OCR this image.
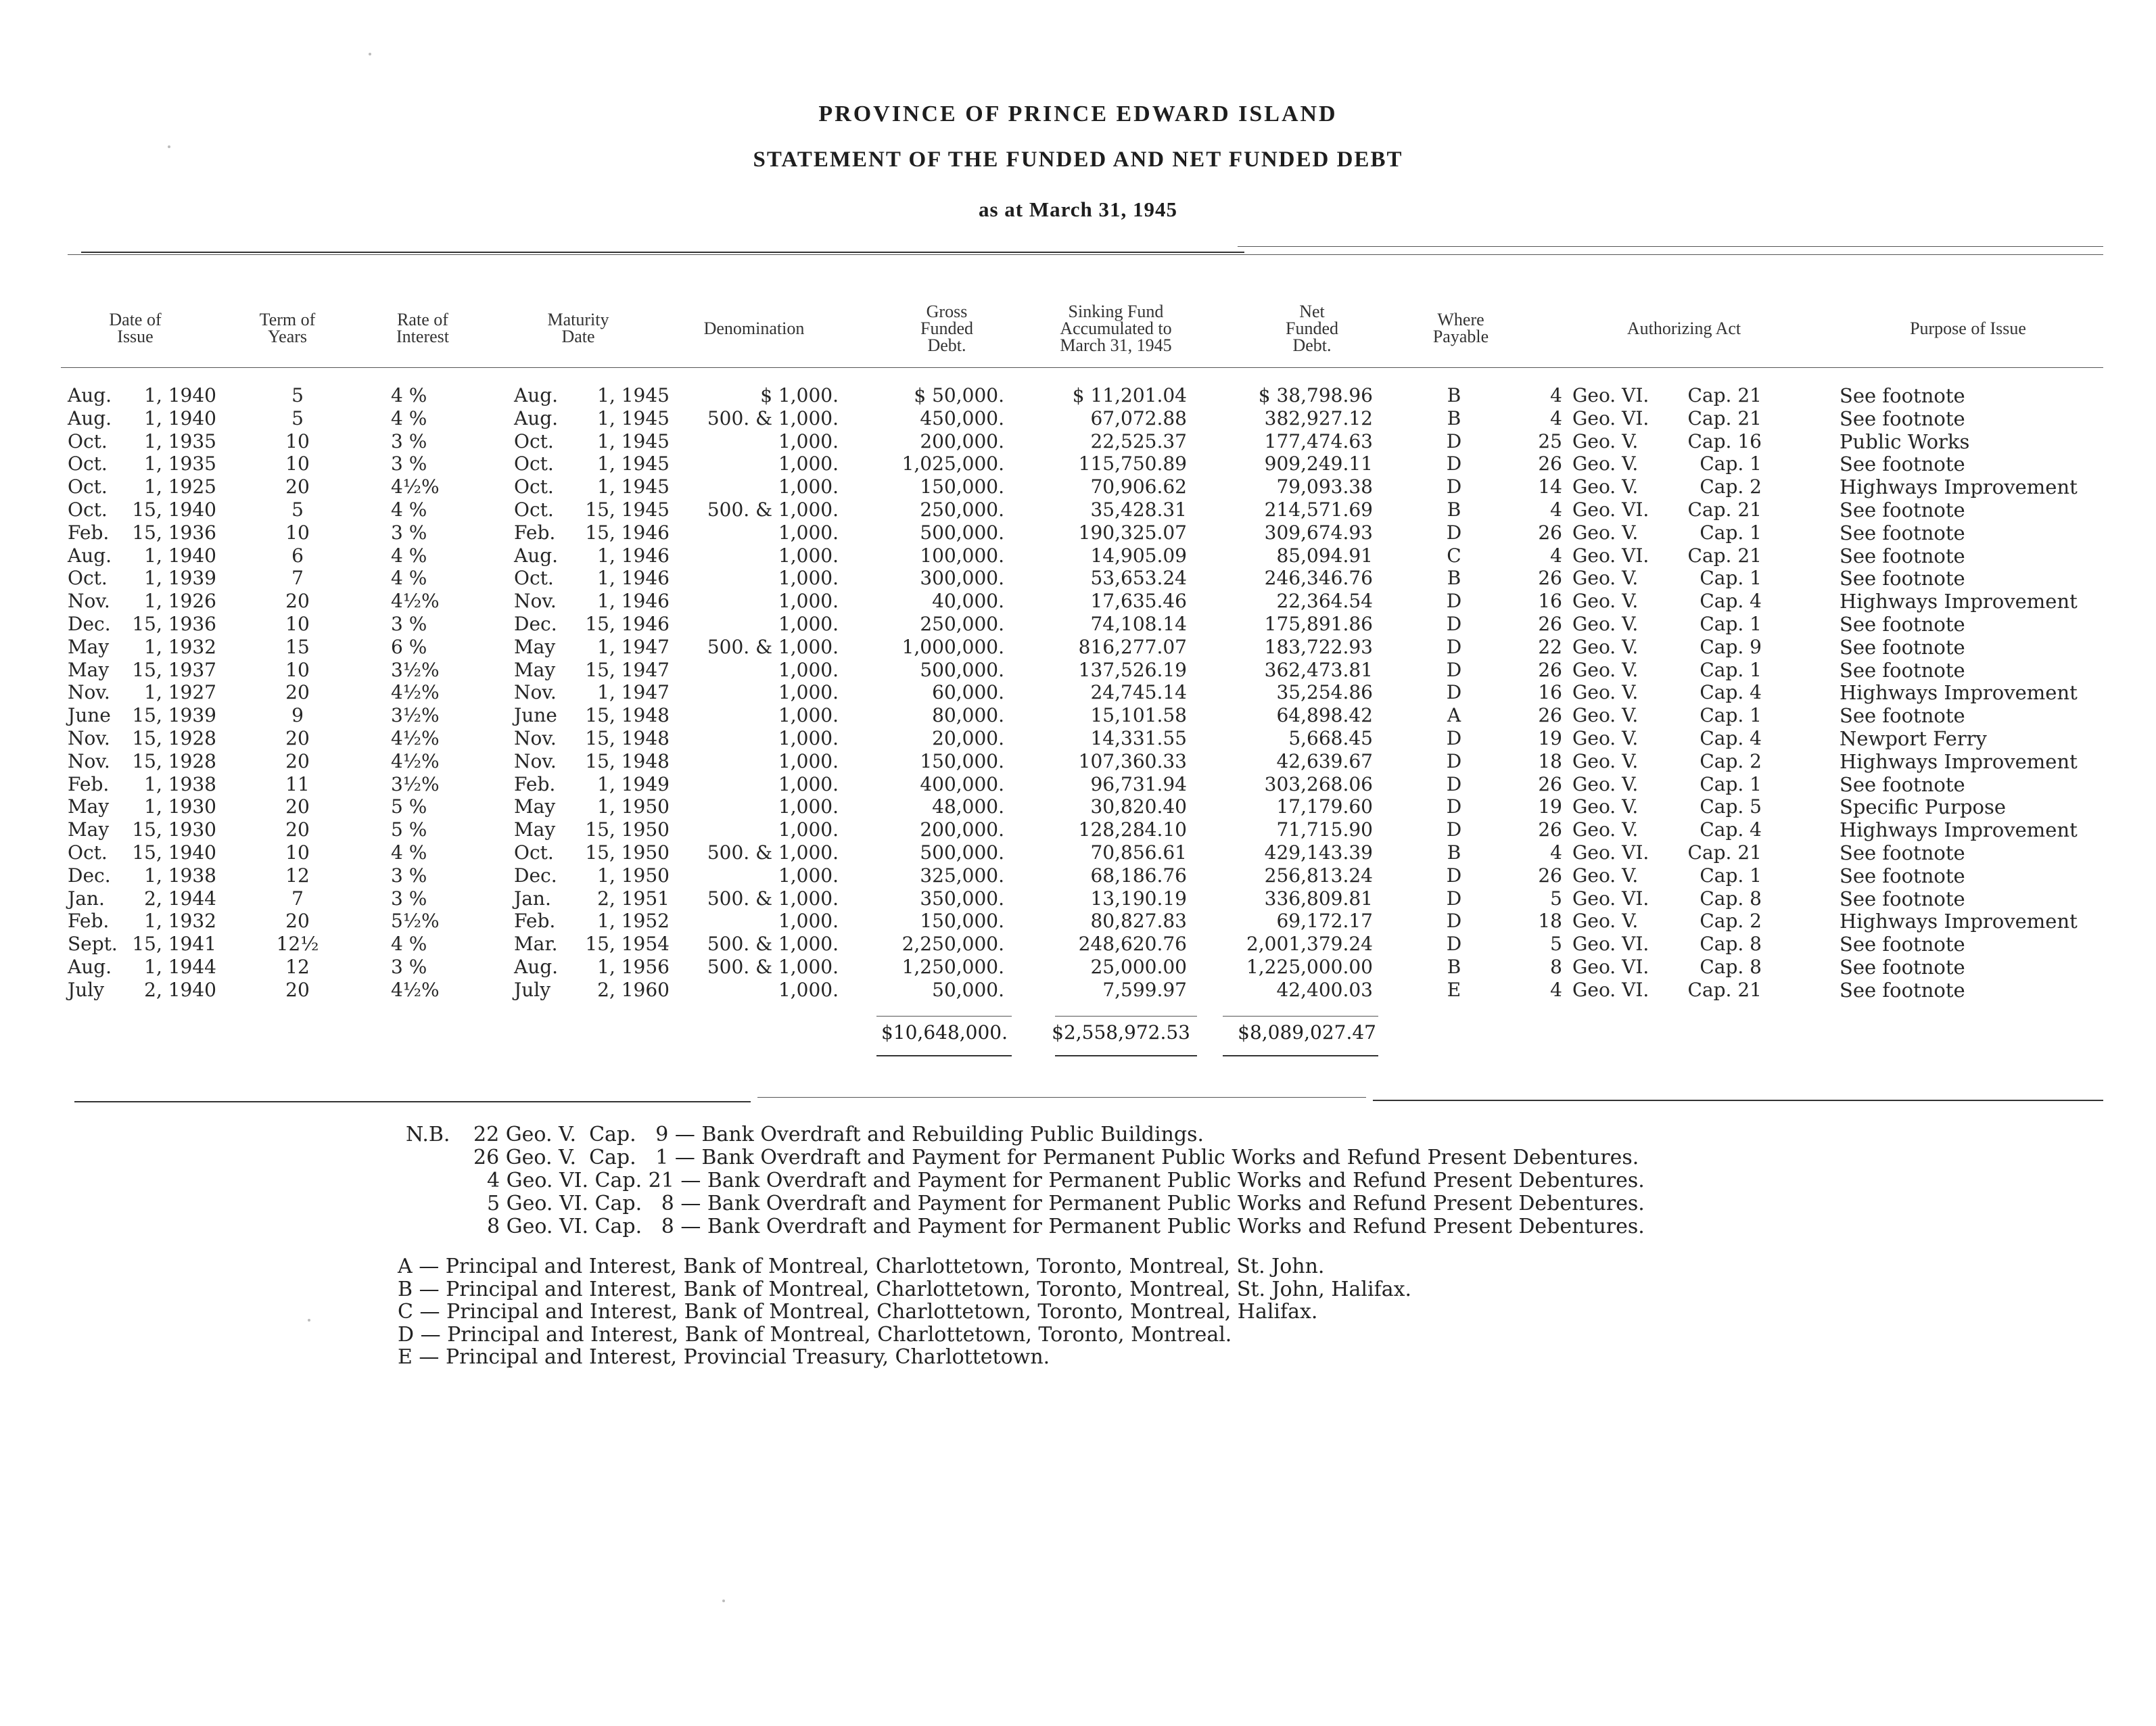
PROVINCE OF PRINCE EDWARD ISLAND
STATEMENT OF THE FUNDED AND NET FUNDED DEBT
as at March 31, 1945
Date of
Issue
Term of
Years
Rate of
Interest
Maturity
Date	Denomination
Gross
Funded
Debt.
Sinking Fund
Accumulated to
March 31, 1945
Net
Funded
Debt.
Where
Payable	Authorizing Act	Purpose of Issue
Aug.	1, 1940	5	4 %	Aug.	1, 1945	$ 1,000.	$ 50,000.	$ 11,201.04	$ 38,798.96	B	4 Geo. VI.	Cap. 21	See footnote
Aug.	1, 1940	5	4 %	Aug.	1, 1945	500. & 1,000.	450,000.	67,072.88	382,927.12	B	4 Geo. VI.	Cap. 21	See footnote
Oct.	1, 1935	10	3 %	Oct.	1, 1945	1,000.	200,000.	22,525.37	177,474.63	D	25 Geo. V.	Cap. 16	Public Works
Oct.	1, 1935	10	3 %	Oct.	1, 1945	1,000.	1,025,000.	115,750.89	909,249.11	D	26 Geo. V.	Cap. 1	See footnote
Oct.	1, 1925	20	4½%	Oct.	1, 1945	1,000.	150,000.	70,906.62	79,093.38	D	14 Geo. V.	Cap. 2	Highways Improvement
Oct.	15, 1940	5	4 %	Oct.	15, 1945	500. & 1,000.	250,000.	35,428.31	214,571.69	B	4 Geo. VI.	Cap. 21	See footnote
Feb.	15, 1936	10	3 %	Feb.	15, 1946	1,000.	500,000.	190,325.07	309,674.93	D	26 Geo. V.	Cap. 1	See footnote
Aug.	1, 1940	6	4 %	Aug.	1, 1946	1,000.	100,000.	14,905.09	85,094.91	C	4 Geo. VI.	Cap. 21	See footnote
Oct.	1, 1939	7	4 %	Oct.	1, 1946	1,000.	300,000.	53,653.24	246,346.76	B	26 Geo. V.	Cap. 1	See footnote
Nov.	1, 1926	20	4½%	Nov.	1, 1946	1,000.	40,000.	17,635.46	22,364.54	D	16 Geo. V.	Cap. 4	Highways Improvement
Dec.	15, 1936	10	3 %	Dec.	15, 1946	1,000.	250,000.	74,108.14	175,891.86	D	26 Geo. V.	Cap. 1	See footnote
May	1, 1932	15	6 %	May	1, 1947	500. & 1,000.	1,000,000.	816,277.07	183,722.93	D	22 Geo. V.	Cap. 9	See footnote
May	15, 1937	10	3½%	May	15, 1947	1,000.	500,000.	137,526.19	362,473.81	D	26 Geo. V.	Cap. 1	See footnote
Nov.	1, 1927	20	4½%	Nov.	1, 1947	1,000.	60,000.	24,745.14	35,254.86	D	16 Geo. V.	Cap. 4	Highways Improvement
June	15, 1939	9	3½%	June	15, 1948	1,000.	80,000.	15,101.58	64,898.42	A	26 Geo. V.	Cap. 1	See footnote
Nov.	15, 1928	20	4½%	Nov.	15, 1948	1,000.	20,000.	14,331.55	5,668.45	D	19 Geo. V.	Cap. 4	Newport Ferry
Nov.	15, 1928	20	4½%	Nov.	15, 1948	1,000.	150,000.	107,360.33	42,639.67	D	18 Geo. V.	Cap. 2	Highways Improvement
Feb.	1, 1938	11	3½%	Feb.	1, 1949	1,000.	400,000.	96,731.94	303,268.06	D	26 Geo. V.	Cap. 1	See footnote
May	1, 1930	20	5 %	May	1, 1950	1,000.	48,000.	30,820.40	17,179.60	D	19 Geo. V.	Cap. 5	Specific Purpose
May	15, 1930	20	5 %	May	15, 1950	1,000.	200,000.	128,284.10	71,715.90	D	26 Geo. V.	Cap. 4	Highways Improvement
Oct.	15, 1940	10	4 %	Oct.	15, 1950	500. & 1,000.	500,000.	70,856.61	429,143.39	B	4 Geo. VI.	Cap. 21	See footnote
Dec.	1, 1938	12	3 %	Dec.	1, 1950	1,000.	325,000.	68,186.76	256,813.24	D	26 Geo. V.	Cap. 1	See footnote
Jan.	2, 1944	7	3 %	Jan.	2, 1951	500. & 1,000.	350,000.	13,190.19	336,809.81	D	5 Geo. VI.	Cap. 8	See footnote
Feb.	1, 1932	20	5½%	Feb.	1, 1952	1,000.	150,000.	80,827.83	69,172.17	D	18 Geo. V.	Cap. 2	Highways Improvement
Sept. 15, 1941	12½	4 %	Mar.	15, 1954	500. & 1,000.	2,250,000.	248,620.76	2,001,379.24	D	5 Geo. VI.	Cap. 8	See footnote
Aug.	1, 1944	12	3 %	Aug.	1, 1956	500. & 1,000.	1,250,000.	25,000.00	1,225,000.00	B	8 Geo. VI.	Cap. 8	See footnote
July	2, 1940	20	4½%	July	2, 1960	1,000.	50,000.	7,599.97	42,400.03	E	4 Geo. VI.	Cap. 21	See footnote
$10,648,000.	$2,558,972.53	$8,089,027.47
N.B. 22 Geo. V.  Cap.   9 — Bank Overdraft and Rebuilding Public Buildings.
26 Geo. V.  Cap.   1 — Bank Overdraft and Payment for Permanent Public Works and Refund Present Debentures.
4 Geo. VI. Cap. 21 — Bank Overdraft and Payment for Permanent Public Works and Refund Present Debentures.
5 Geo. VI. Cap.   8 — Bank Overdraft and Payment for Permanent Public Works and Refund Present Debentures.
8 Geo. VI. Cap.   8 — Bank Overdraft and Payment for Permanent Public Works and Refund Present Debentures.
A — Principal and Interest, Bank of Montreal, Charlottetown, Toronto, Montreal, St. John.
B — Principal and Interest, Bank of Montreal, Charlottetown, Toronto, Montreal, St. John, Halifax.
C — Principal and Interest, Bank of Montreal, Charlottetown, Toronto, Montreal, Halifax.
D — Principal and Interest, Bank of Montreal, Charlottetown, Toronto, Montreal.
E — Principal and Interest, Provincial Treasury, Charlottetown.
